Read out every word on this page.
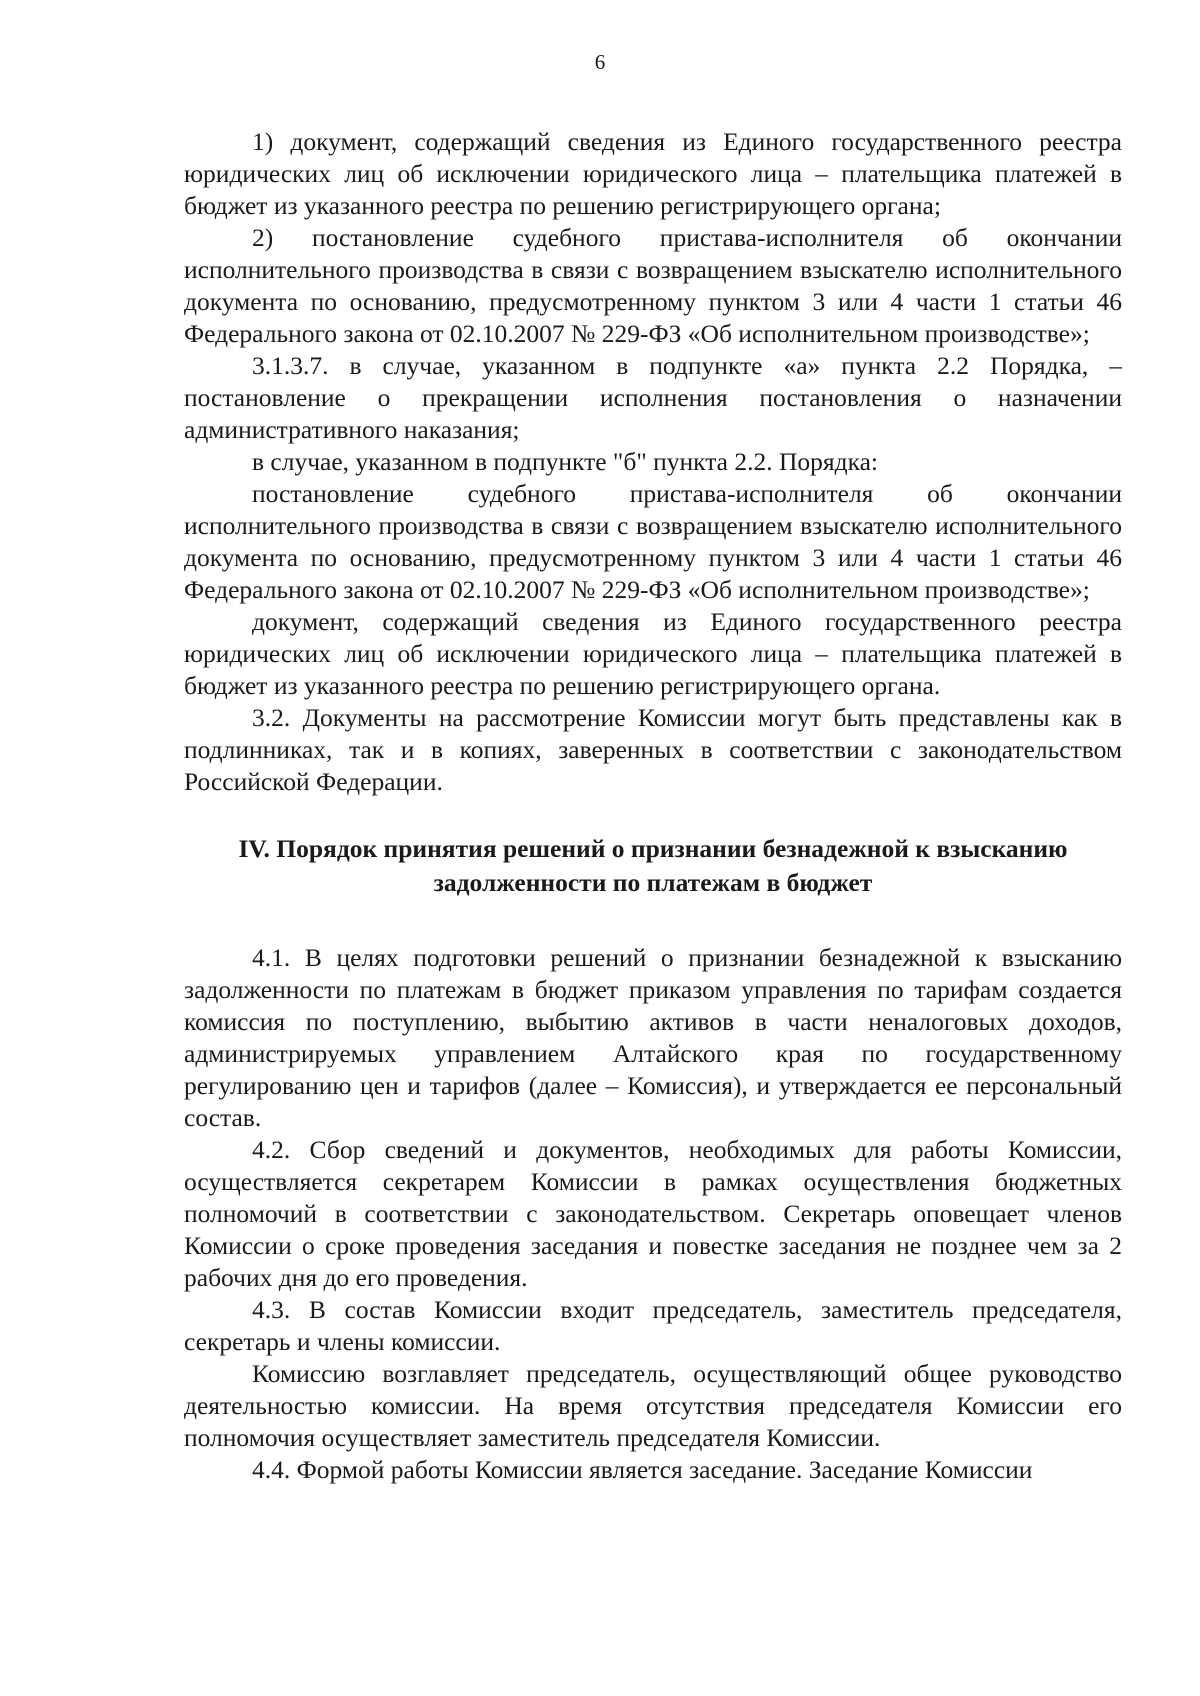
6

1) документ, содержащий сведения из Единого государственного реестра юридических лиц об исключении юридического лица – плательщика платежей в бюджет из указанного реестра по решению регистрирующего органа;

2) постановление судебного пристава-исполнителя об окончании исполнительного производства в связи с возвращением взыскателю исполнительного документа по основанию, предусмотренному пунктом 3 или 4 части 1 статьи 46 Федерального закона от 02.10.2007 № 229-ФЗ «Об исполнительном производстве»;

3.1.3.7. в случае, указанном в подпункте «а» пункта 2.2 Порядка, – постановление о прекращении исполнения постановления о назначении административного наказания;

в случае, указанном в подпункте "б" пункта 2.2. Порядка:

постановление судебного пристава-исполнителя об окончании исполнительного производства в связи с возвращением взыскателю исполнительного документа по основанию, предусмотренному пунктом 3 или 4 части 1 статьи 46 Федерального закона от 02.10.2007 № 229-ФЗ «Об исполнительном производстве»;

документ, содержащий сведения из Единого государственного реестра юридических лиц об исключении юридического лица – плательщика платежей в бюджет из указанного реестра по решению регистрирующего органа.

3.2. Документы на рассмотрение Комиссии могут быть представлены как в подлинниках, так и в копиях, заверенных в соответствии с законодательством Российской Федерации.

IV. Порядок принятия решений о признании безнадежной к взысканию
задолженности по платежам в бюджет

4.1. В целях подготовки решений о признании безнадежной к взысканию задолженности по платежам в бюджет приказом управления по тарифам создается комиссия по поступлению, выбытию активов в части неналоговых доходов, администрируемых управлением Алтайского края по государственному регулированию цен и тарифов (далее – Комиссия), и утверждается ее персональный состав.

4.2. Сбор сведений и документов, необходимых для работы Комиссии, осуществляется секретарем Комиссии в рамках осуществления бюджетных полномочий в соответствии с законодательством. Секретарь оповещает членов Комиссии о сроке проведения заседания и повестке заседания не позднее чем за 2 рабочих дня до его проведения.

4.3. В состав Комиссии входит председатель, заместитель председателя, секретарь и члены комиссии.

Комиссию возглавляет председатель, осуществляющий общее руководство деятельностью комиссии. На время отсутствия председателя Комиссии его полномочия осуществляет заместитель председателя Комиссии.

4.4. Формой работы Комиссии является заседание. Заседание Комиссии
